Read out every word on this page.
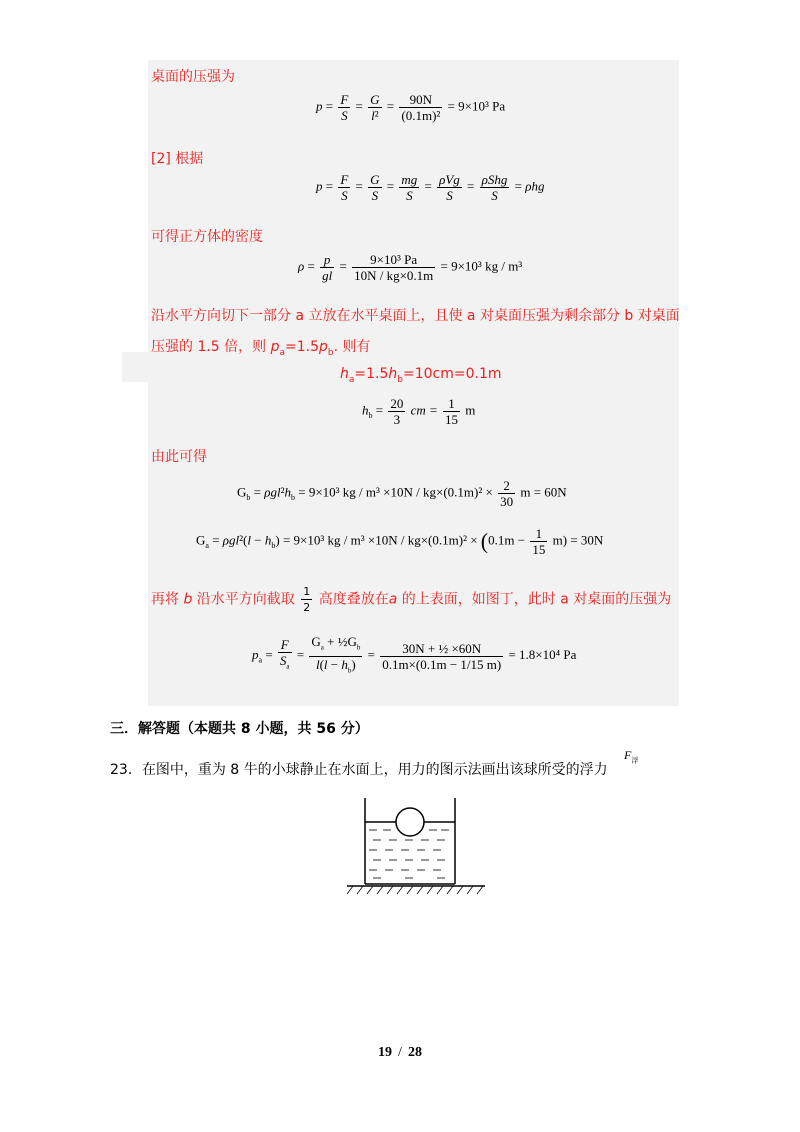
桌面的压强为
$p = \frac{F}{S} = \frac{G}{\text{l²}} = \frac{90N}{\text{(0.1m)²}} = 9\times 10^3$ Pa
[2] 根据
$p = \frac{F}{S} = \frac{G}{S} = \frac{mg}{S} = \frac{\text{ρVg}}{S} = \frac{\text{ρShg}}{S} = \rho hg$
可得正方体的密度
$\rho = \frac{p}{gl} = \frac{\text{9×10³ Pa}}{10N / kg\times 0.1m} = 9\times 10^3$ kg / m³
沿水平方向切下一部分 a 立放在水平桌面上，且使 a 对桌面压强为剩余部分 b 对桌面
压强的 1.5 倍，则 $p_a=1.5p_b$. 则有
$h_a=1.5h_b=10cm=0.1m$
$h_b = \frac{20}{3}$ cm = $\frac{1}{15}$ m
由此可得
$G_b = \rho gl^2h_b = 9\times 10^3$ kg / $m^3 \times 10N / kg\times(0.1m)^2 \times \frac{2}{30}$ m = 60N
$G_a = \rho gl^2(l - h_b) = 9\times 10^3$ kg / $m^3 \times 10N / kg\times(0.1m)^2 \times (0.1m - \frac{1}{15} m) = 30N$
再将 b 沿水平方向截取 $\frac{1}{2}$ 高度叠放在a 的上表面，如图丁，此时 a 对桌面的压强为
$p_a = \frac{F}{S_a} = \frac{G_a + \frac{1}{2}G_b}{l(l - h_b)} = \frac{\text{30N + ½ ×60N}}{0.1m\times(0.1m - 1/15 m)} = 1.8\times 10^4$ Pa
三．解答题（本题共 8 小题，共 56 分）
23．在图中，重为 8 牛的小球静止在水面上，用力的图示法画出该球所受的浮力
$F_浮$
19 / 28
